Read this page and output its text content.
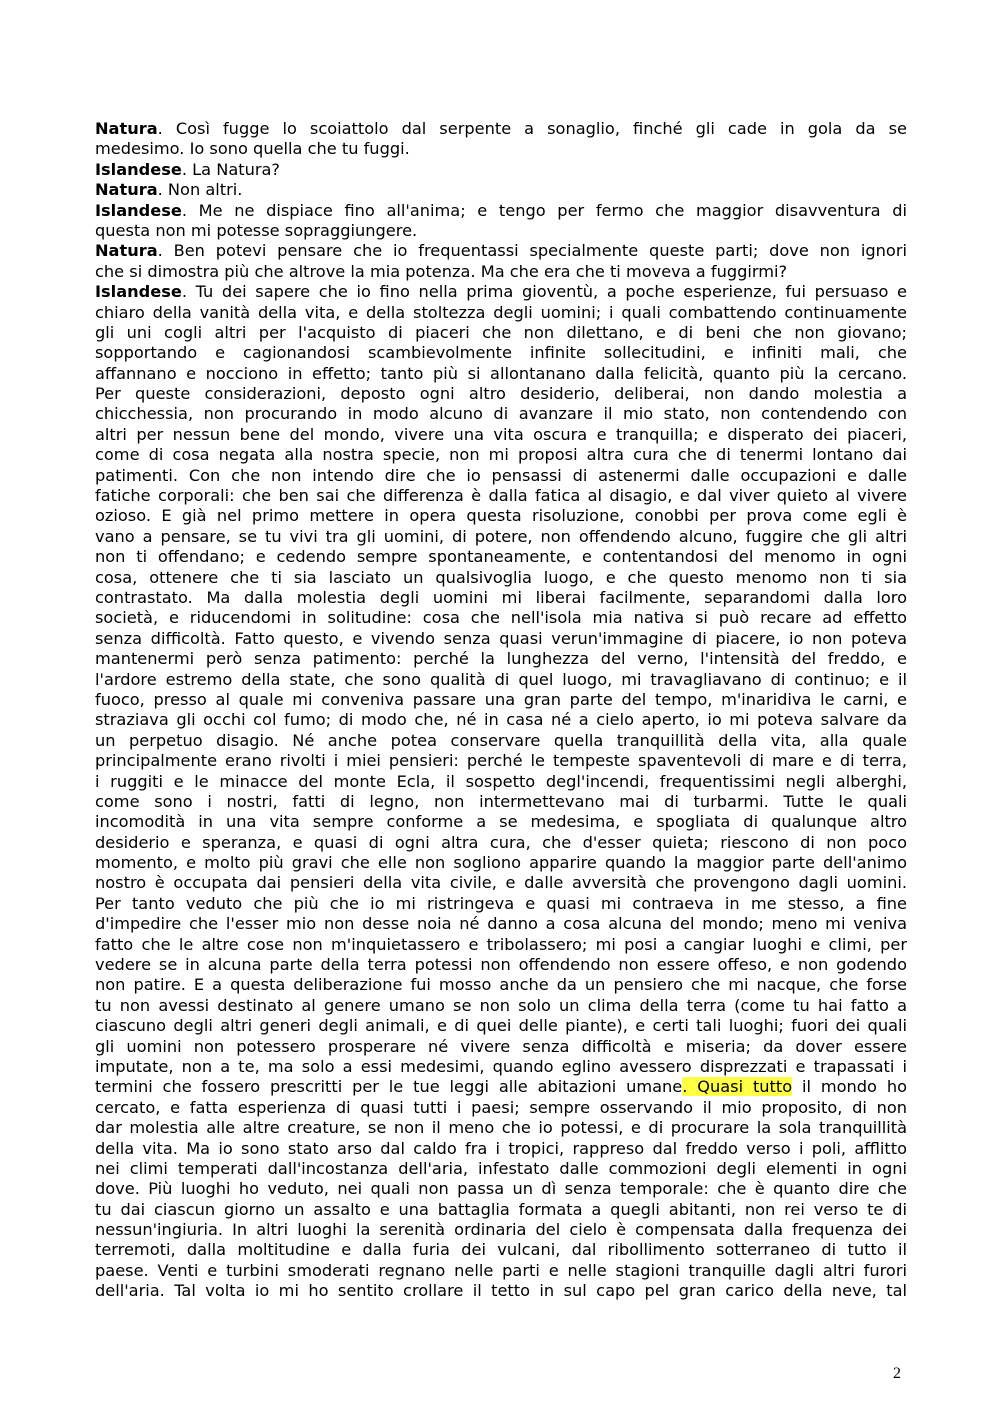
Natura. Così fugge lo scoiattolo dal serpente a sonaglio, finché gli cade in gola da se
medesimo. Io sono quella che tu fuggi.
Islandese. La Natura?
Natura. Non altri.
Islandese. Me ne dispiace fino all'anima; e tengo per fermo che maggior disavventura di
questa non mi potesse sopraggiungere.
Natura. Ben potevi pensare che io frequentassi specialmente queste parti; dove non ignori
che si dimostra più che altrove la mia potenza. Ma che era che ti moveva a fuggirmi?
Islandese. Tu dei sapere che io fino nella prima gioventù, a poche esperienze, fui persuaso e
chiaro della vanità della vita, e della stoltezza degli uomini; i quali combattendo continuamente
gli uni cogli altri per l'acquisto di piaceri che non dilettano, e di beni che non giovano;
sopportando e cagionandosi scambievolmente infinite sollecitudini, e infiniti mali, che
affannano e nocciono in effetto; tanto più si allontanano dalla felicità, quanto più la cercano.
Per queste considerazioni, deposto ogni altro desiderio, deliberai, non dando molestia a
chicchessia, non procurando in modo alcuno di avanzare il mio stato, non contendendo con
altri per nessun bene del mondo, vivere una vita oscura e tranquilla; e disperato dei piaceri,
come di cosa negata alla nostra specie, non mi proposi altra cura che di tenermi lontano dai
patimenti. Con che non intendo dire che io pensassi di astenermi dalle occupazioni e dalle
fatiche corporali: che ben sai che differenza è dalla fatica al disagio, e dal viver quieto al vivere
ozioso. E già nel primo mettere in opera questa risoluzione, conobbi per prova come egli è
vano a pensare, se tu vivi tra gli uomini, di potere, non offendendo alcuno, fuggire che gli altri
non ti offendano; e cedendo sempre spontaneamente, e contentandosi del menomo in ogni
cosa, ottenere che ti sia lasciato un qualsivoglia luogo, e che questo menomo non ti sia
contrastato. Ma dalla molestia degli uomini mi liberai facilmente, separandomi dalla loro
società, e riducendomi in solitudine: cosa che nell'isola mia nativa si può recare ad effetto
senza difficoltà. Fatto questo, e vivendo senza quasi verun'immagine di piacere, io non poteva
mantenermi però senza patimento: perché la lunghezza del verno, l'intensità del freddo, e
l'ardore estremo della state, che sono qualità di quel luogo, mi travagliavano di continuo; e il
fuoco, presso al quale mi conveniva passare una gran parte del tempo, m'inaridiva le carni, e
straziava gli occhi col fumo; di modo che, né in casa né a cielo aperto, io mi poteva salvare da
un perpetuo disagio. Né anche potea conservare quella tranquillità della vita, alla quale
principalmente erano rivolti i miei pensieri: perché le tempeste spaventevoli di mare e di terra,
i ruggiti e le minacce del monte Ecla, il sospetto degl'incendi, frequentissimi negli alberghi,
come sono i nostri, fatti di legno, non intermettevano mai di turbarmi. Tutte le quali
incomodità in una vita sempre conforme a se medesima, e spogliata di qualunque altro
desiderio e speranza, e quasi di ogni altra cura, che d'esser quieta; riescono di non poco
momento, e molto più gravi che elle non sogliono apparire quando la maggior parte dell'animo
nostro è occupata dai pensieri della vita civile, e dalle avversità che provengono dagli uomini.
Per tanto veduto che più che io mi ristringeva e quasi mi contraeva in me stesso, a fine
d'impedire che l'esser mio non desse noia né danno a cosa alcuna del mondo; meno mi veniva
fatto che le altre cose non m'inquietassero e tribolassero; mi posi a cangiar luoghi e climi, per
vedere se in alcuna parte della terra potessi non offendendo non essere offeso, e non godendo
non patire. E a questa deliberazione fui mosso anche da un pensiero che mi nacque, che forse
tu non avessi destinato al genere umano se non solo un clima della terra (come tu hai fatto a
ciascuno degli altri generi degli animali, e di quei delle piante), e certi tali luoghi; fuori dei quali
gli uomini non potessero prosperare né vivere senza difficoltà e miseria; da dover essere
imputate, non a te, ma solo a essi medesimi, quando eglino avessero disprezzati e trapassati i
termini che fossero prescritti per le tue leggi alle abitazioni umane. Quasi tutto il mondo ho
cercato, e fatta esperienza di quasi tutti i paesi; sempre osservando il mio proposito, di non
dar molestia alle altre creature, se non il meno che io potessi, e di procurare la sola tranquillità
della vita. Ma io sono stato arso dal caldo fra i tropici, rappreso dal freddo verso i poli, afflitto
nei climi temperati dall'incostanza dell'aria, infestato dalle commozioni degli elementi in ogni
dove. Più luoghi ho veduto, nei quali non passa un dì senza temporale: che è quanto dire che
tu dai ciascun giorno un assalto e una battaglia formata a quegli abitanti, non rei verso te di
nessun'ingiuria. In altri luoghi la serenità ordinaria del cielo è compensata dalla frequenza dei
terremoti, dalla moltitudine e dalla furia dei vulcani, dal ribollimento sotterraneo di tutto il
paese. Venti e turbini smoderati regnano nelle parti e nelle stagioni tranquille dagli altri furori
dell'aria. Tal volta io mi ho sentito crollare il tetto in sul capo pel gran carico della neve, tal
2
